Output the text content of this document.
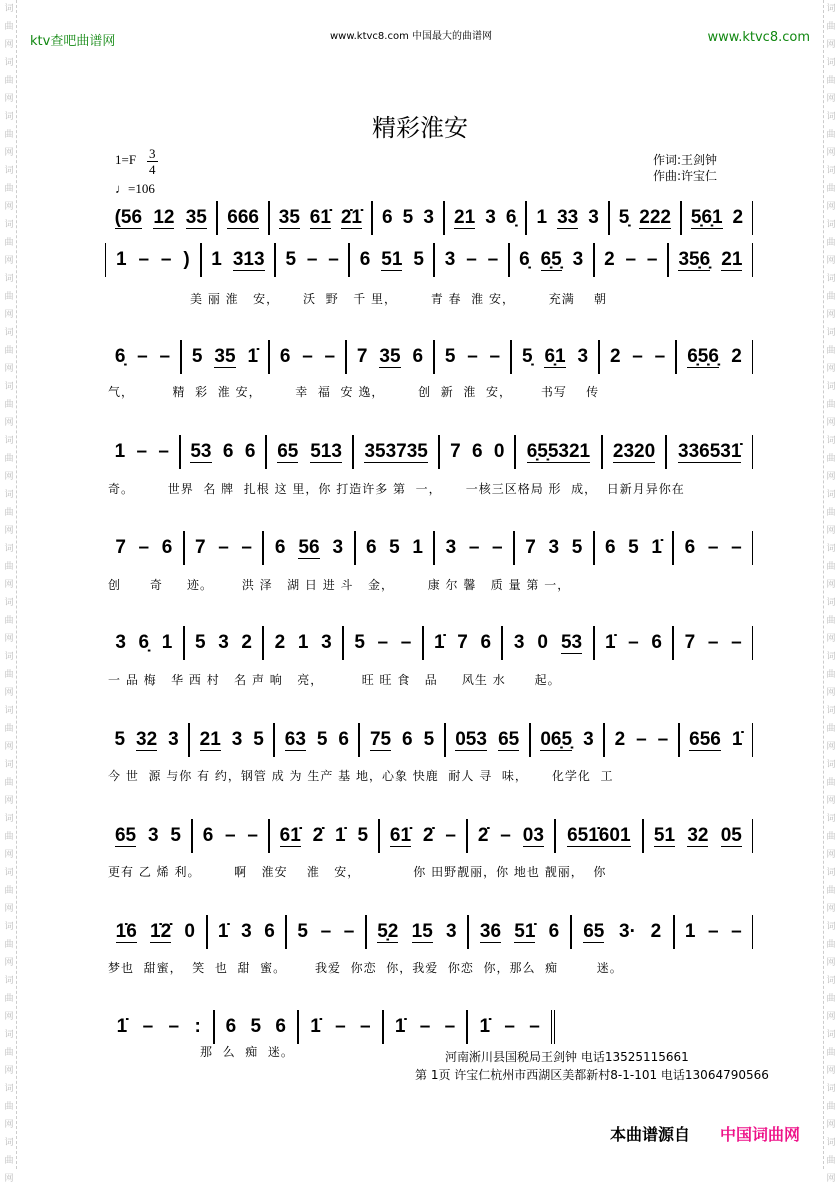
词曲网词曲网词曲网词曲网词曲网词曲网词曲网词曲网词曲网词曲网词曲网词曲网词曲网词曲网词曲网词曲网词曲网词曲网词曲网词曲网词曲网词曲网
词曲网词曲网词曲网词曲网词曲网词曲网词曲网词曲网词曲网词曲网词曲网词曲网词曲网词曲网词曲网词曲网词曲网词曲网词曲网词曲网词曲网词曲网
ktv查吧曲谱网	www.ktvc8.com 中国最大的曲谱网	www.ktvc8.com
精彩淮安
1=F 3
4
♩=106
作词:王剑钟
作曲:许宝仁
(56 12 35 666 35 61̇ 2̇1̇ 6 5 3 21 3 6̣ 1 33 3 5̣ 222 5̣6̣1 2
1 – – ) 1 313 5 – – 6 51 5 3 – – 6̣ 6̣5̣ 3 2 – – 35̣6̣ 21
美 丽 淮   安，     沃  野   千 里，       青 春  淮 安，       充满    朝
6̣ – – 5 35 1̇ 6 – – 7 35 6 5 – – 5̣ 6̣1 3 2 – – 6̣5̣6̣ 2
气，        精  彩  淮 安，       幸  福  安 逸，       创  新  淮  安，      书写    传
1 – – 53 6 6 65 513 353735 7 6 0 6̣5̣5321 2320 336531̇
奇。       世界  名 牌  扎根 这 里，你 打造许多 第  一，     一核三区格局 形  成，  日新月异你在
7 – 6 7 – – 6 56 3 6 5 1 3 – – 7 3 5 6 5 1̇ 6 – –
创      奇     迹。      洪 泽   湖 日 进 斗   金，       康 尔 馨   质 量 第 一，
3 6̣ 1 5 3 2 2 1 3 5 – – 1̇ 7 6 3 0 53 1̇ – 6 7 – –
一 品 梅   华 西 村   名 声 响   亮，        旺 旺 食   品     风生 水      起。
5 32 3 21 3 5 63 5 6 75 6 5 053 65 06̣5̣ 3 2 – – 656 1̇
今 世  源 与你 有 约，钢管 成 为 生产 基 地，心象 快鹿  耐人 寻  味，     化学化  工
65 3 5 6 – – 61̇ 2̇ 1̇ 5 61̇ 2̇ – 2̇ – 03 651̇601 51 32 05
更有 乙 烯 利。       啊   淮安    淮   安，           你 田野靓丽，你 地也 靓丽，  你
1̇6 1̇2̇ 0 1̇ 3 6 5 – – 5̣2 15 3 36 51̇ 6 65 3· 2 1 – –
梦也  甜蜜，  笑  也  甜  蜜。      我爱  你恋  你，我爱  你恋  你，那么  痴        迷。
1̇ – – : 6 5 6 1̇ – – 1̇ – – 1̇ – –
那  么  痴  迷。	河南淅川县国税局王剑钟 电话13525115661
第 1页 许宝仁杭州市西湖区美都新村8-1-101 电话13064790566
本曲谱源自 中国词曲网
